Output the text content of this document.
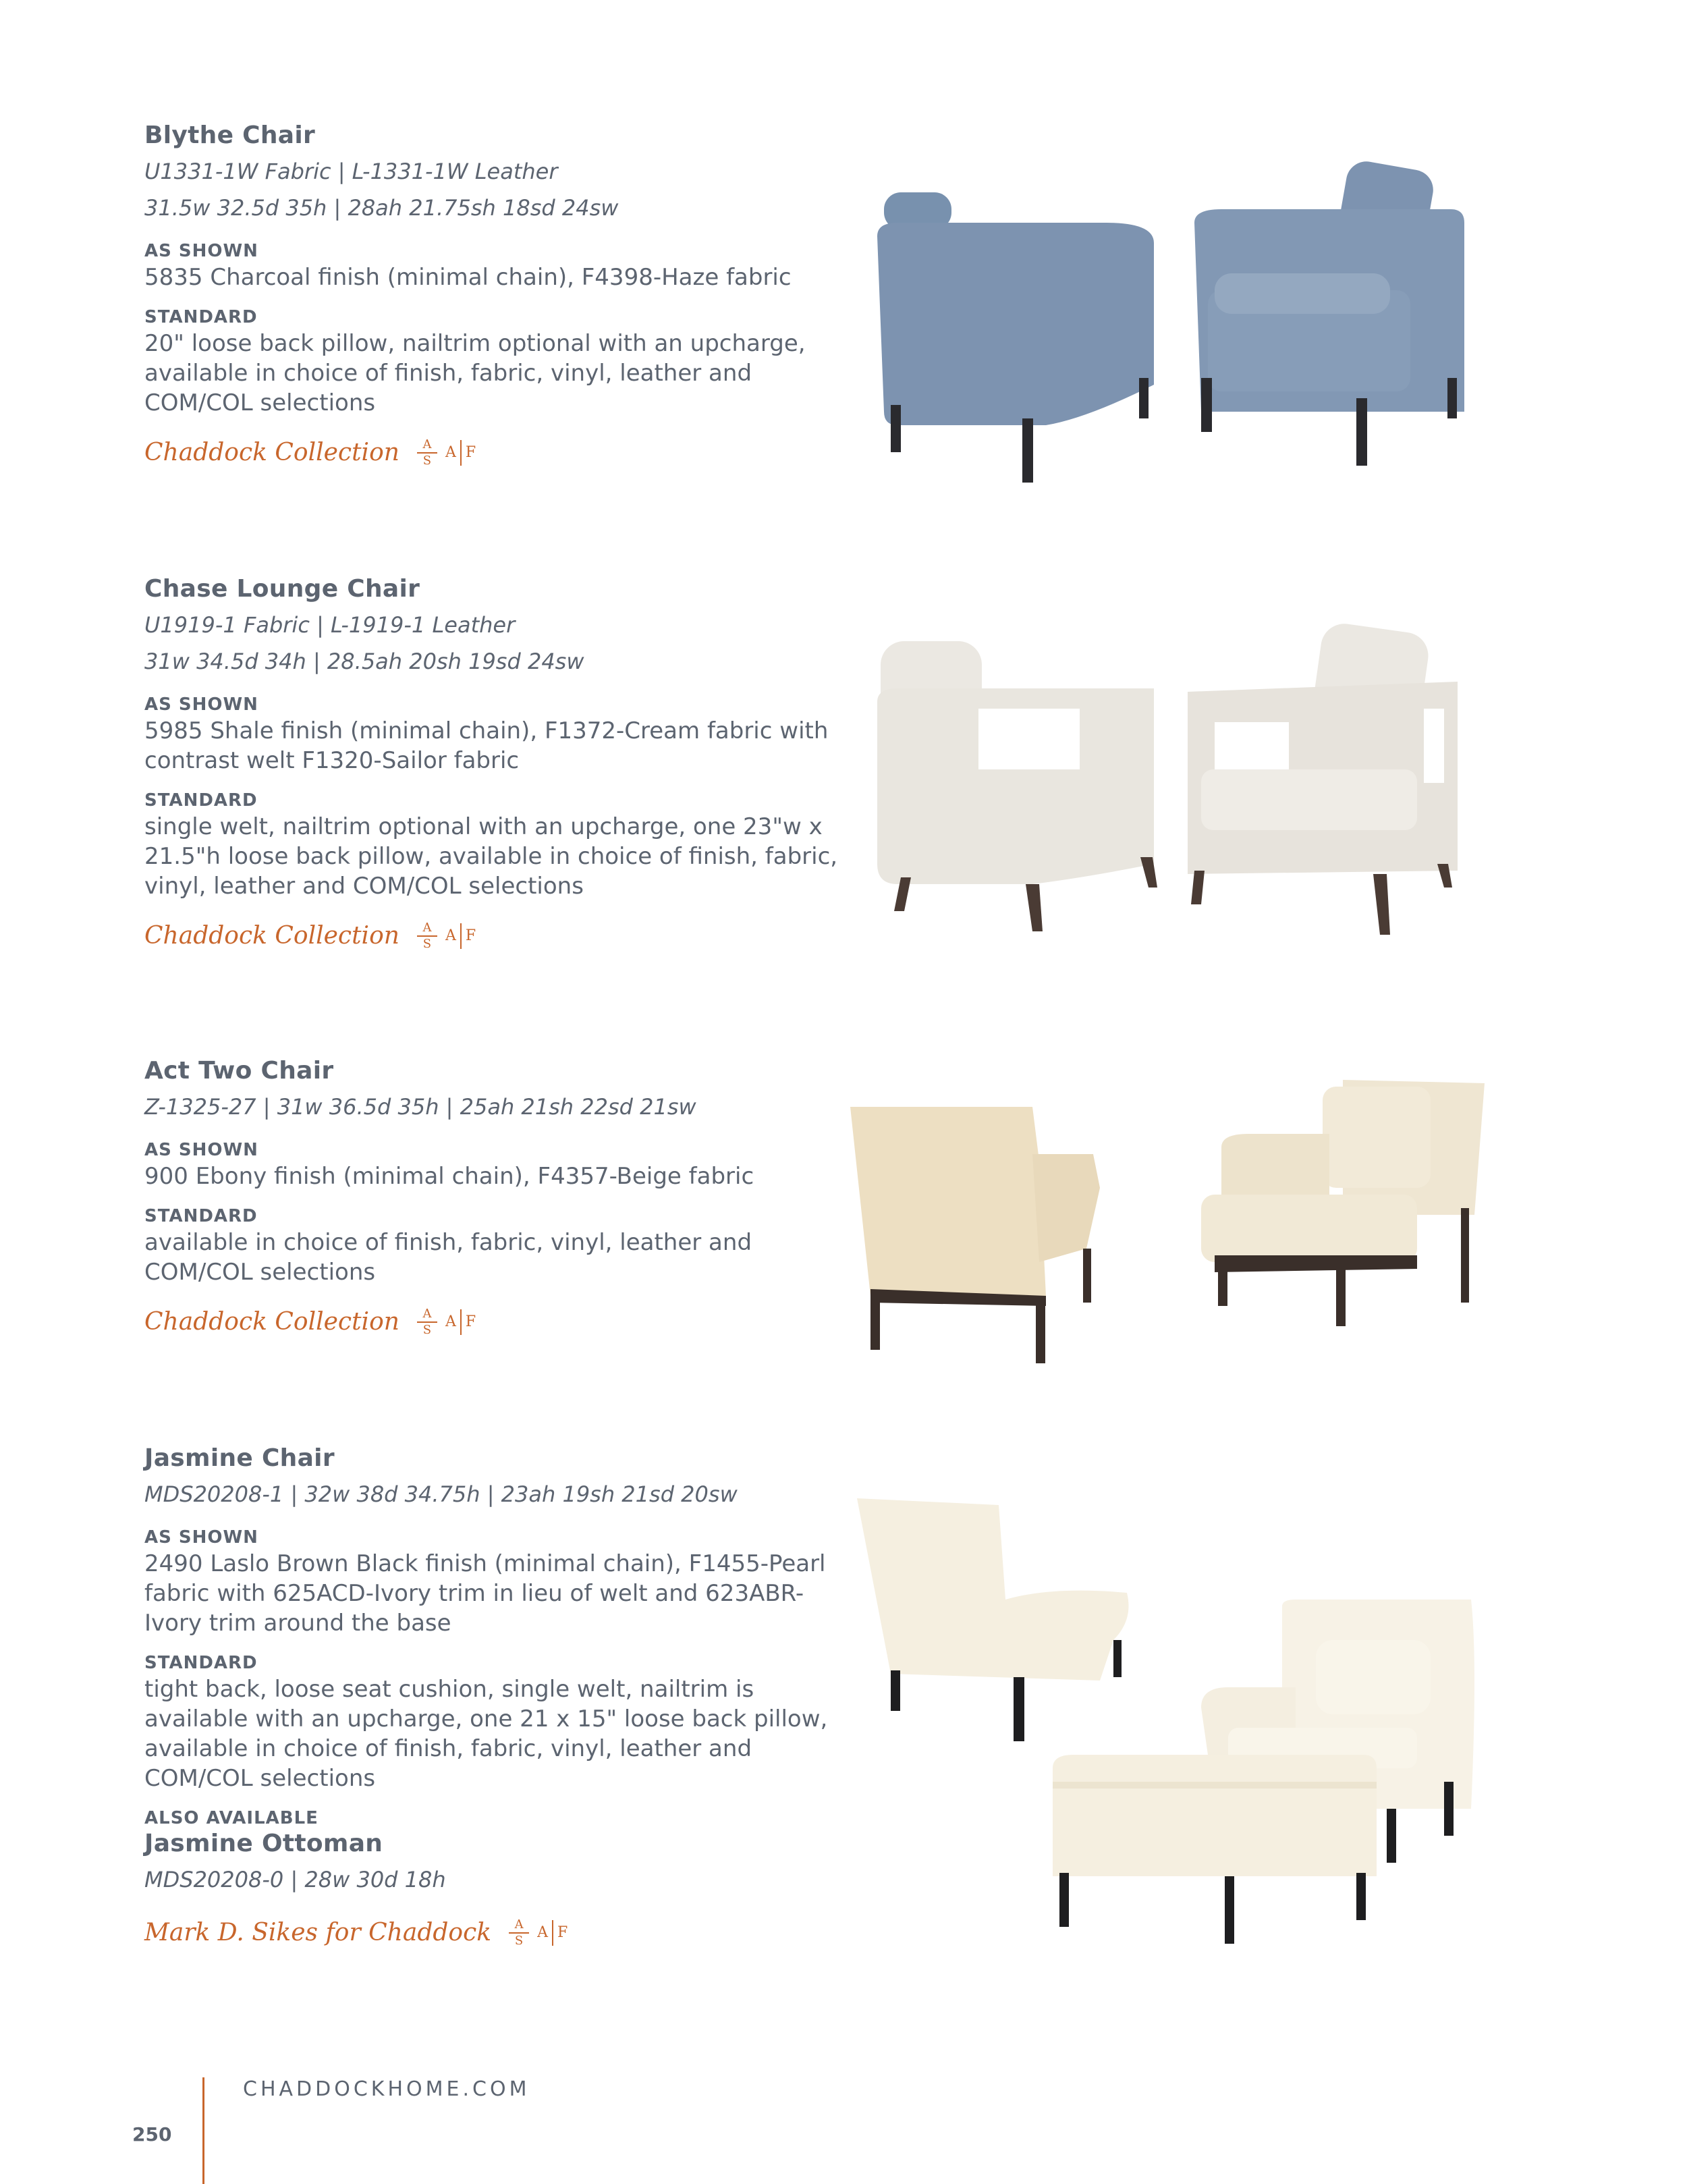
Blythe Chair
U1331-1W Fabric | L-1331-1W Leather
31.5w 32.5d 35h | 28ah 21.75sh 18sd 24sw
AS SHOWN
5835 Charcoal finish (minimal chain), F4398-Haze fabric
STANDARD
20" loose back pillow, nailtrim optional with an upcharge, available in choice of finish, fabric, vinyl, leather and COM/COL selections
Chaddock Collection $\frac{A}{S}$ A F
Chase Lounge Chair
U1919-1 Fabric | L-1919-1 Leather
31w 34.5d 34h | 28.5ah 20sh 19sd 24sw
AS SHOWN
5985 Shale finish (minimal chain), F1372-Cream fabric with contrast welt F1320-Sailor fabric
STANDARD
single welt, nailtrim optional with an upcharge, one 23"w x 21.5"h loose back pillow, available in choice of finish, fabric, vinyl, leather and COM/COL selections
Chaddock Collection $\frac{A}{S}$ A F
Act Two Chair
Z-1325-27 | 31w 36.5d 35h | 25ah 21sh 22sd 21sw
AS SHOWN
900 Ebony finish (minimal chain), F4357-Beige fabric
STANDARD
available in choice of finish, fabric, vinyl, leather and COM/COL selections
Chaddock Collection $\frac{A}{S}$ A F
Jasmine Chair
MDS20208-1 | 32w 38d 34.75h | 23ah 19sh 21sd 20sw
AS SHOWN
2490 Laslo Brown Black finish (minimal chain), F1455-Pearl fabric with 625ACD-Ivory trim in lieu of welt and 623ABR-Ivory trim around the base
STANDARD
tight back, loose seat cushion, single welt, nailtrim is available with an upcharge, one 21 x 15" loose back pillow, available in choice of finish, fabric, vinyl, leather and COM/COL selections
ALSO AVAILABLE
Jasmine Ottoman
MDS20208-0 | 28w 30d 18h
Mark D. Sikes for Chaddock $\frac{A}{S}$ A F
CHADDOCKHOME.COM
250
